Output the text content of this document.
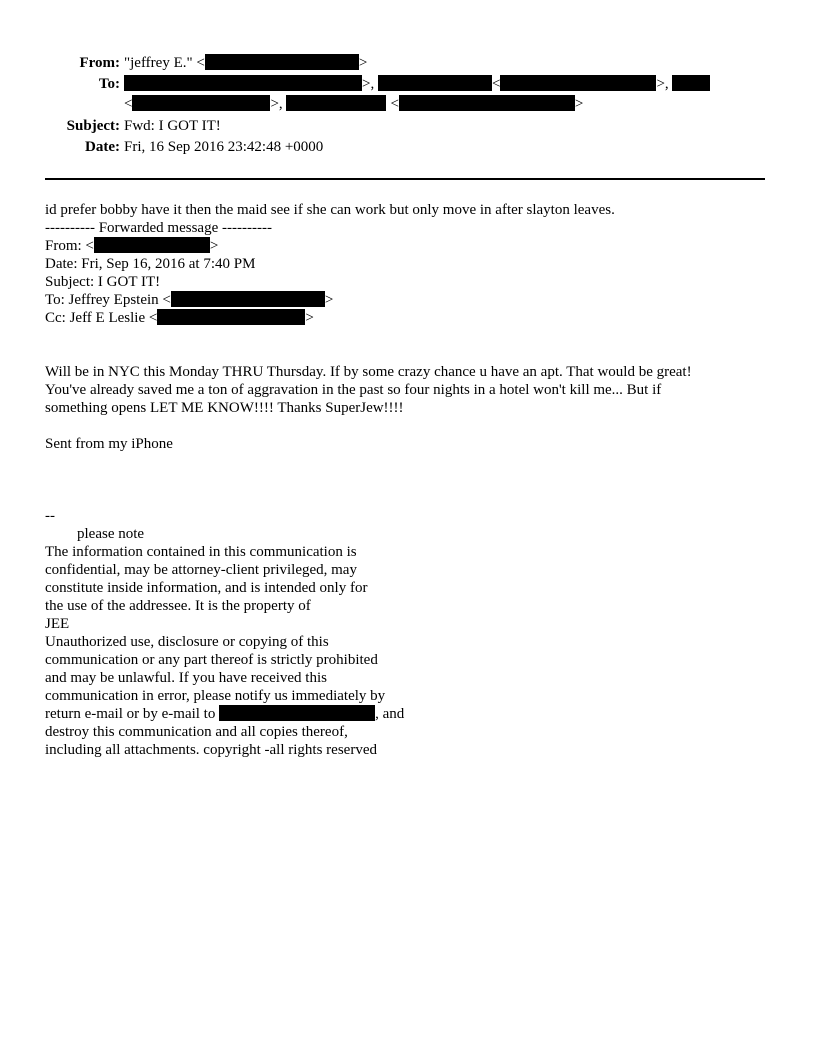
From: "jeffrey E." <	>
To:	>,	<	>,
<	>,	<	>
Subject: Fwd: I GOT IT!
Date: Fri, 16 Sep 2016 23:42:48 +0000
id prefer bobby have it then the maid see if she can work but only move in after slayton leaves.
---------- Forwarded message ----------
From: <	>
Date: Fri, Sep 16, 2016 at 7:40 PM
Subject: I GOT IT!
To: Jeffrey Epstein <	>
Cc: Jeff E Leslie <	>
Will be in NYC this Monday THRU Thursday. If by some crazy chance u have an apt. That would be great!
You've already saved me a ton of aggravation in the past so four nights in a hotel won't kill me... But if
something opens LET ME KNOW!!!! Thanks SuperJew!!!!
Sent from my iPhone
--
please note
The information contained in this communication is
confidential, may be attorney-client privileged, may
constitute inside information, and is intended only for
the use of the addressee. It is the property of
JEE
Unauthorized use, disclosure or copying of this
communication or any part thereof is strictly prohibited
and may be unlawful. If you have received this
communication in error, please notify us immediately by
return e-mail or by e-mail to	, and
destroy this communication and all copies thereof,
including all attachments. copyright -all rights reserved
